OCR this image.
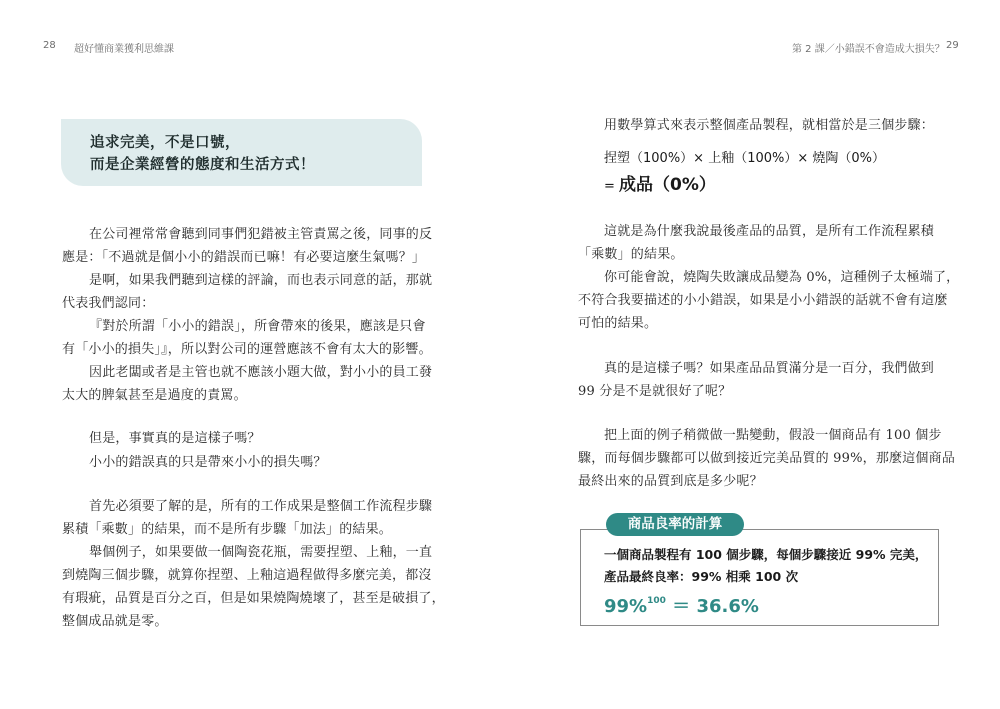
28 超好懂商業獲利思維課	第 2 課／小錯誤不會造成大損失？ 29
追求完美，不是口號，
而是企業經營的態度和生活方式！
在公司裡常常會聽到同事們犯錯被主管責罵之後，同事的反
應是：「不過就是個小小的錯誤而已嘛！有必要這麼生氣嗎？」
是啊，如果我們聽到這樣的評論，而也表示同意的話，那就
代表我們認同：
『對於所謂「小小的錯誤」，所會帶來的後果，應該是只會
有「小小的損失」』，所以對公司的運營應該不會有太大的影響。
因此老闆或者是主管也就不應該小題大做，對小小的員工發
太大的脾氣甚至是過度的責罵。
但是，事實真的是這樣子嗎？
小小的錯誤真的只是帶來小小的損失嗎？
首先必須要了解的是，所有的工作成果是整個工作流程步驟
累積「乘數」的結果，而不是所有步驟「加法」的結果。
舉個例子，如果要做一個陶瓷花瓶，需要捏塑、上釉，一直
到燒陶三個步驟，就算你捏塑、上釉這過程做得多麼完美，都沒
有瑕疵，品質是百分之百，但是如果燒陶燒壞了，甚至是破損了，
整個成品就是零。
用數學算式來表示整個產品製程，就相當於是三個步驟：
捏塑（100%）× 上釉（100%）× 燒陶（0%）
= 成品（0%）
這就是為什麼我說最後產品的品質，是所有工作流程累積
「乘數」的結果。
你可能會說，燒陶失敗讓成品變為 0%，這種例子太極端了，
不符合我要描述的小小錯誤，如果是小小錯誤的話就不會有這麼
可怕的結果。
真的是這樣子嗎？如果產品品質滿分是一百分，我們做到
99 分是不是就很好了呢？
把上面的例子稍微做一點變動，假設一個商品有 100 個步
驟，而每個步驟都可以做到接近完美品質的 99%，那麼這個商品
最終出來的品質到底是多少呢？
商品良率的計算
一個商品製程有 100 個步驟，每個步驟接近 99% 完美，
產品最終良率：99% 相乘 100 次
99%$^{100}$ ＝ 36.6%
